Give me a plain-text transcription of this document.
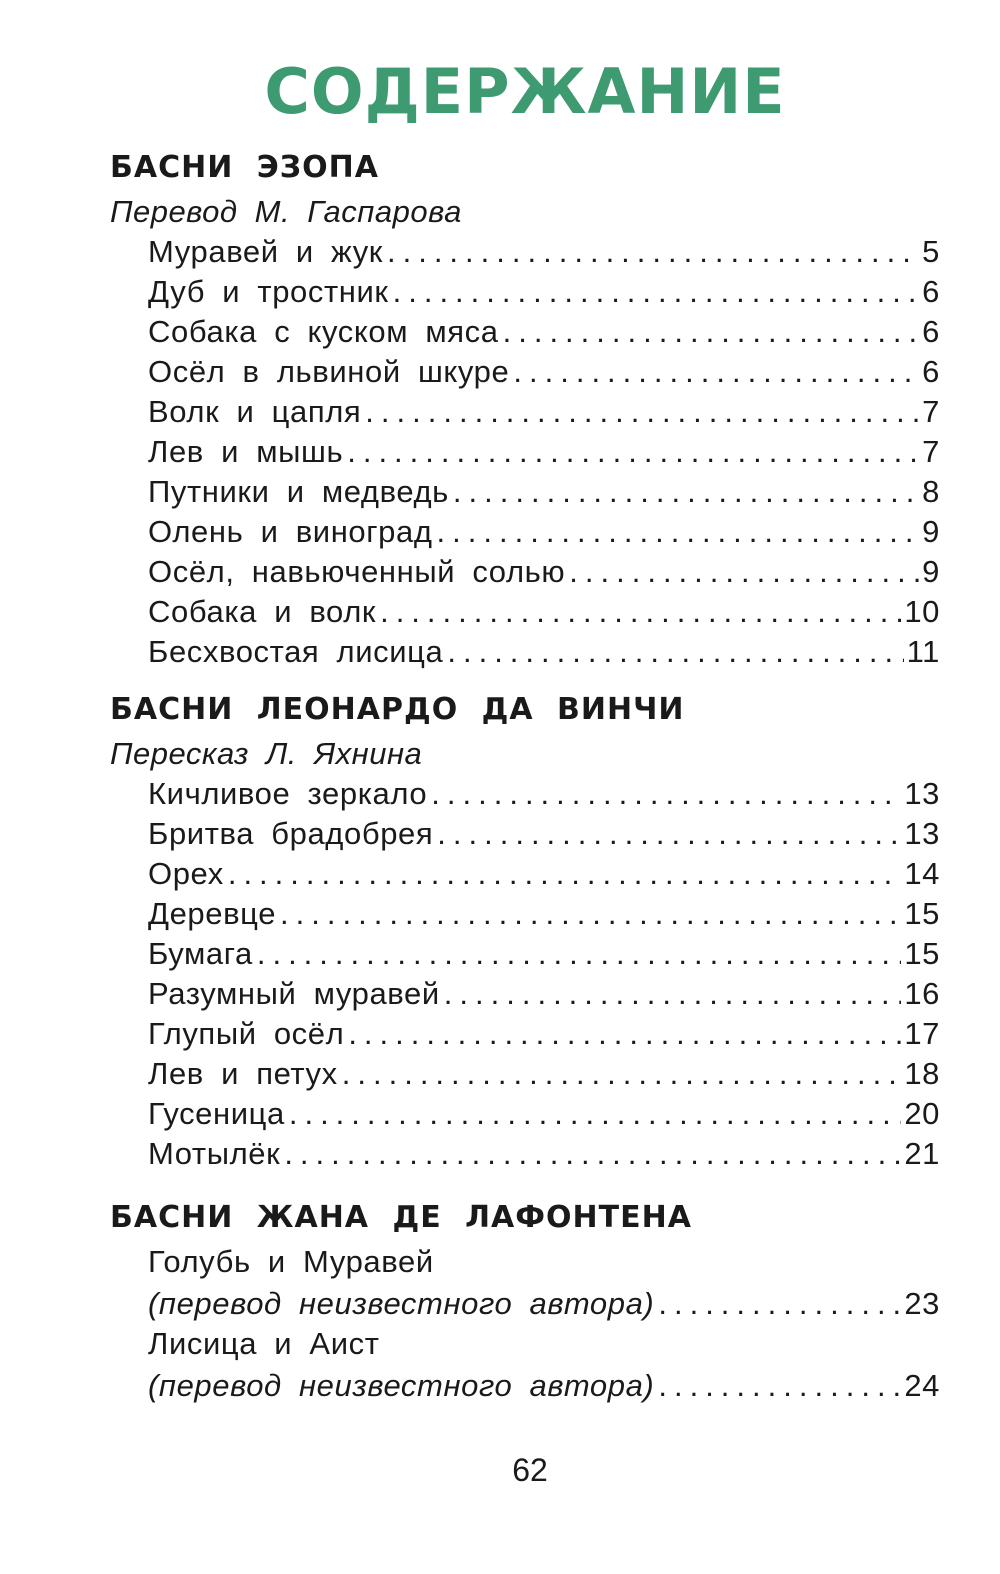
СОДЕРЖАНИЕ
БАСНИ ЭЗОПА

Перевод М. Гаспарова

Муравей и жук .....	5
Дуб и тростник .....	6
Собака с куском мяса .....	6
Осёл в львиной шкуре .....	6
Волк и цапля .....	7
Лев и мышь .....	7
Путники и медведь .....	8
Олень и виноград .....	9
Осёл, навьюченный солью .....	9
Собака и волк .....	10
Бесхвостая лисица .....	11
БАСНИ ЛЕОНАРДО ДА ВИНЧИ

Пересказ Л. Яхнина

Кичливое зеркало .....	13
Бритва брадобрея .....	13
Орех .....	14
Деревце .....	15
Бумага .....	15
Разумный муравей .....	16
Глупый осёл .....	17
Лев и петух .....	18
Гусеница .....	20
Мотылёк .....	21
БАСНИ ЖАНА ДЕ ЛАФОНТЕНА
Голубь и Муравей
(перевод неизвестного автора) .....	23
Лисица и Аист
(перевод неизвестного автора) .....	24

62
